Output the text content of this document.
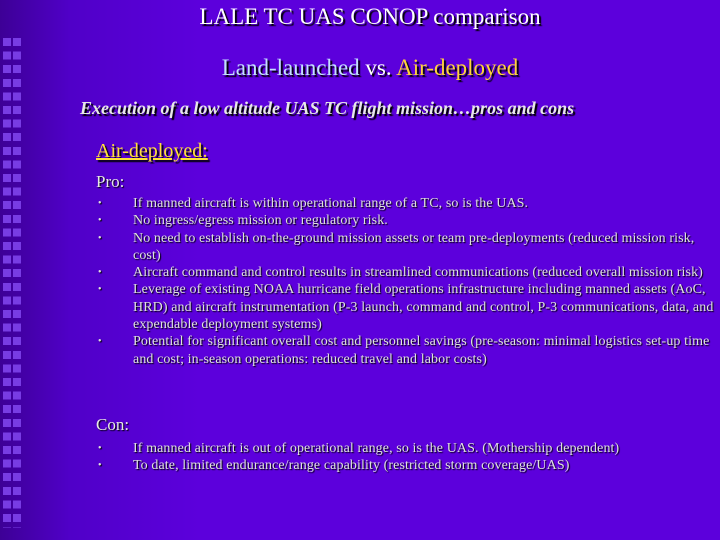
LALE TC UAS CONOP comparison
Land-launched vs. Air-deployed
Execution of a low altitude UAS TC flight mission…pros and cons
Air-deployed:
Pro:
• If manned aircraft is within operational range of a TC, so is the UAS.
• No ingress/egress mission or regulatory risk.
• No need to establish on-the-ground mission assets or team pre-deployments (reduced mission risk, cost)
• Aircraft command and control results in streamlined communications (reduced overall mission risk)
• Leverage of existing NOAA hurricane field operations infrastructure including manned assets (AoC, HRD) and aircraft instrumentation (P-3 launch, command and control, P-3 communications, data, and expendable deployment systems)
• Potential for significant overall cost and personnel savings (pre-season: minimal logistics set-up time and cost; in-season operations: reduced travel and labor costs)
Con:
• If manned aircraft is out of operational range, so is the UAS. (Mothership dependent)
• To date, limited endurance/range capability (restricted storm coverage/UAS)
